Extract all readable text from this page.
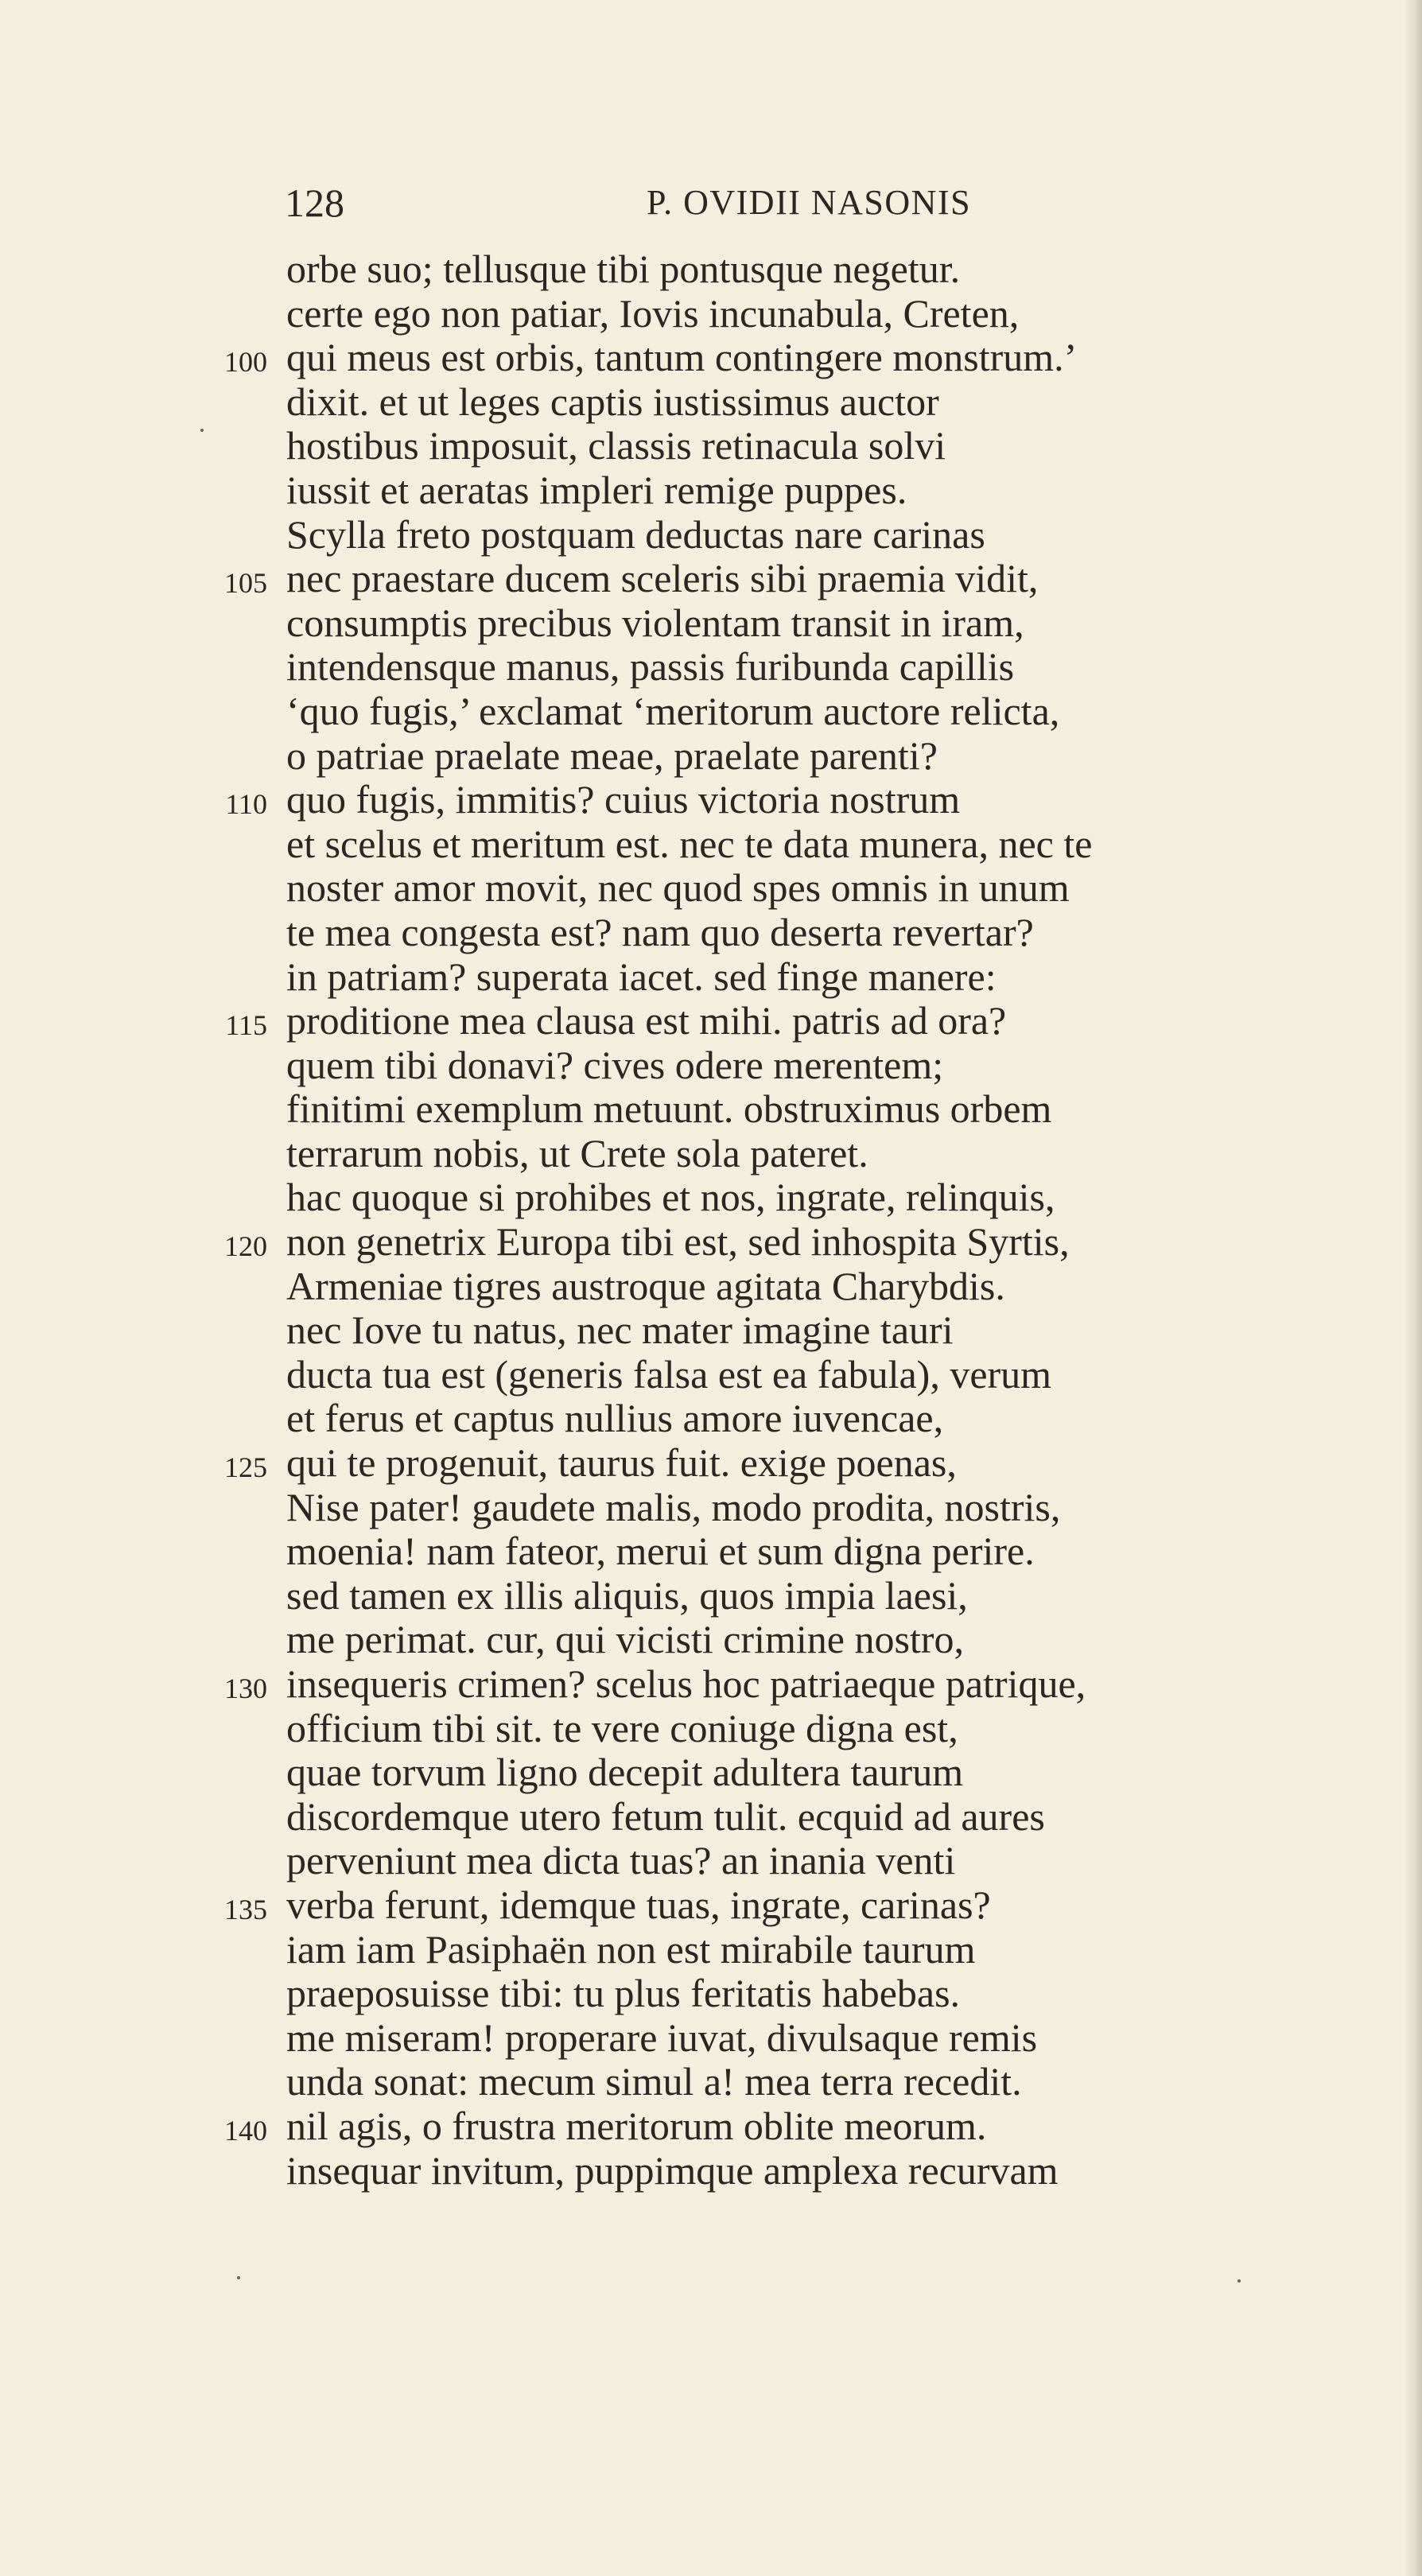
128	P. OVIDII NASONIS
orbe suo; tellusque tibi pontusque negetur.
certe ego non patiar, Iovis incunabula, Creten,
100 qui meus est orbis, tantum contingere monstrum.’
dixit. et ut leges captis iustissimus auctor
hostibus imposuit, classis retinacula solvi
iussit et aeratas impleri remige puppes.
Scylla freto postquam deductas nare carinas
105 nec praestare ducem sceleris sibi praemia vidit,
consumptis precibus violentam transit in iram,
intendensque manus, passis furibunda capillis
‘quo fugis,’ exclamat ‘meritorum auctore relicta,
o patriae praelate meae, praelate parenti?
110 quo fugis, immitis? cuius victoria nostrum
et scelus et meritum est. nec te data munera, nec te
noster amor movit, nec quod spes omnis in unum
te mea congesta est? nam quo deserta revertar?
in patriam? superata iacet. sed finge manere:
115 proditione mea clausa est mihi. patris ad ora?
quem tibi donavi? cives odere merentem;
finitimi exemplum metuunt. obstruximus orbem
terrarum nobis, ut Crete sola pateret.
hac quoque si prohibes et nos, ingrate, relinquis,
120 non genetrix Europa tibi est, sed inhospita Syrtis,
Armeniae tigres austroque agitata Charybdis.
nec Iove tu natus, nec mater imagine tauri
ducta tua est (generis falsa est ea fabula), verum
et ferus et captus nullius amore iuvencae,
125 qui te progenuit, taurus fuit. exige poenas,
Nise pater! gaudete malis, modo prodita, nostris,
moenia! nam fateor, merui et sum digna perire.
sed tamen ex illis aliquis, quos impia laesi,
me perimat. cur, qui vicisti crimine nostro,
130 insequeris crimen? scelus hoc patriaeque patrique,
officium tibi sit. te vere coniuge digna est,
quae torvum ligno decepit adultera taurum
discordemque utero fetum tulit. ecquid ad aures
perveniunt mea dicta tuas? an inania venti
135 verba ferunt, idemque tuas, ingrate, carinas?
iam iam Pasiphaën non est mirabile taurum
praeposuisse tibi: tu plus feritatis habebas.
me miseram! properare iuvat, divulsaque remis
unda sonat: mecum simul a! mea terra recedit.
140 nil agis, o frustra meritorum oblite meorum.
insequar invitum, puppimque amplexa recurvam
